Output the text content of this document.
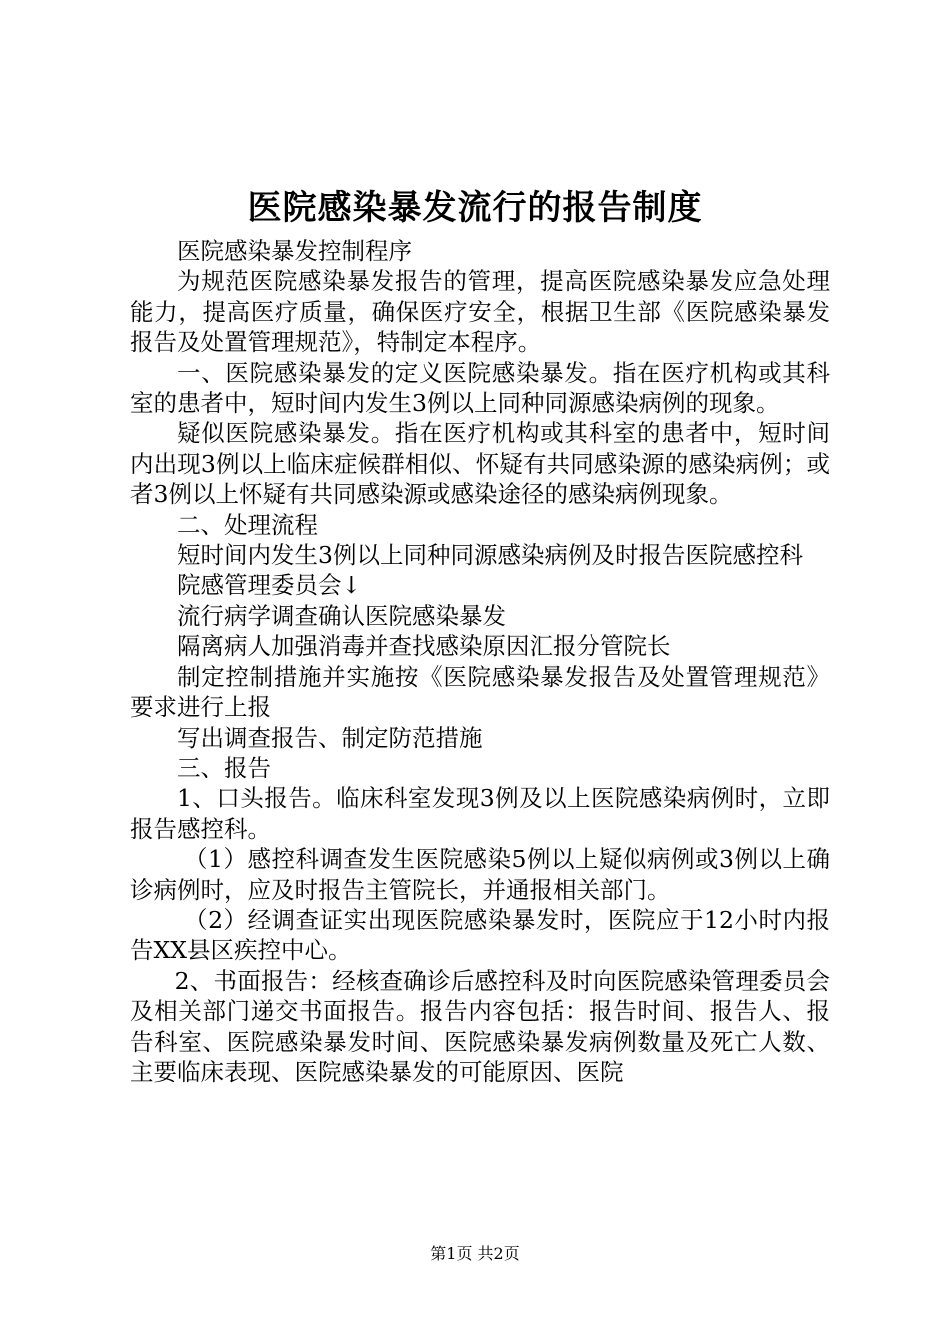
医院感染暴发流行的报告制度

医院感染暴发控制程序

为规范医院感染暴发报告的管理，提高医院感染暴发应急处理能力，提高医疗质量，确保医疗安全，根据卫生部《医院感染暴发报告及处置管理规范》，特制定本程序。

一、医院感染暴发的定义医院感染暴发。指在医疗机构或其科室的患者中，短时间内发生3例以上同种同源感染病例的现象。

疑似医院感染暴发。指在医疗机构或其科室的患者中，短时间内出现3例以上临床症候群相似、怀疑有共同感染源的感染病例；或者3例以上怀疑有共同感染源或感染途径的感染病例现象。

二、处理流程

短时间内发生3例以上同种同源感染病例及时报告医院感控科

院感管理委员会↓

流行病学调查确认医院感染暴发

隔离病人加强消毒并查找感染原因汇报分管院长

制定控制措施并实施按《医院感染暴发报告及处置管理规范》要求进行上报

写出调查报告、制定防范措施

三、报告

1、口头报告。临床科室发现3例及以上医院感染病例时，立即报告感控科。

（1）感控科调查发生医院感染5例以上疑似病例或3例以上确诊病例时，应及时报告主管院长，并通报相关部门。

（2）经调查证实出现医院感染暴发时，医院应于12小时内报告XX县区疾控中心。

2、书面报告：经核查确诊后感控科及时向医院感染管理委员会及相关部门递交书面报告。报告内容包括：报告时间、报告人、报告科室、医院感染暴发时间、医院感染暴发病例数量及死亡人数、主要临床表现、医院感染暴发的可能原因、医院

第1页 共2页
